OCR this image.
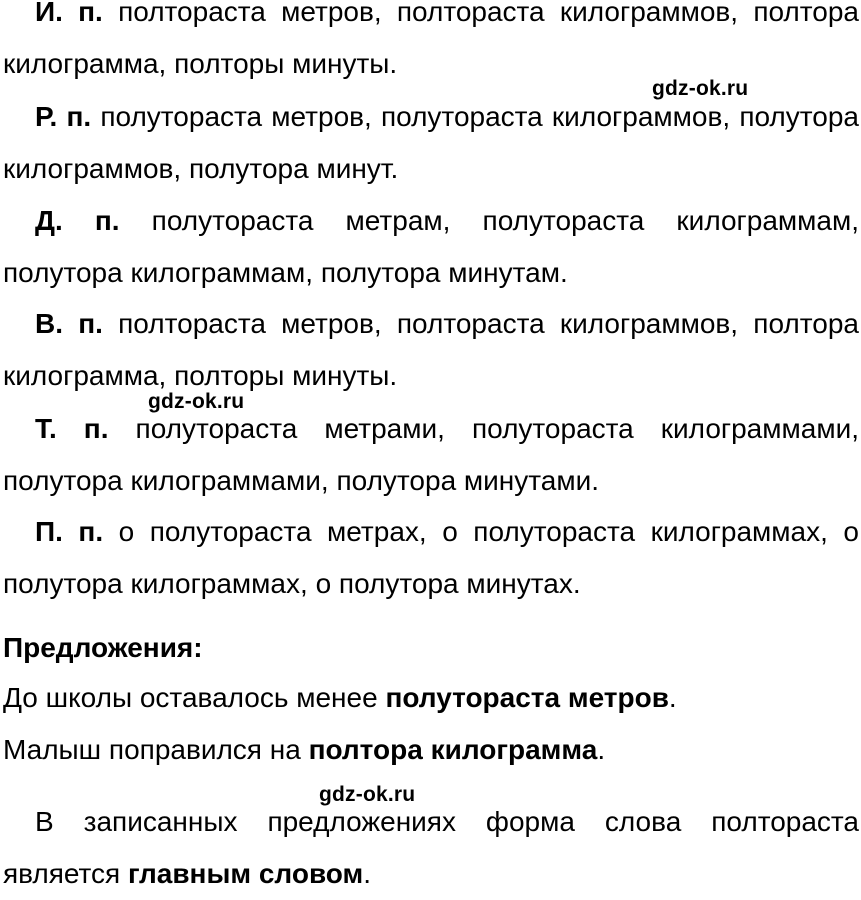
И. п. полтораста метров, полтораста килограммов, полтора килограмма, полторы минуты.
gdz-ok.ru
Р. п. полутораста метров, полутораста килограммов, полутора килограммов, полутора минут.
Д. п. полутораста метрам, полутораста килограммам, полутора килограммам, полутора минутам.
В. п. полтораста метров, полтораста килограммов, полтора килограмма, полторы минуты.
gdz-ok.ru
Т. п. полутораста метрами, полутораста килограммами, полутора килограммами, полутора минутами.
П. п. о полутораста метрах, о полутораста килограммах, о полутора килограммах, о полутора минутах.
Предложения:
До школы оставалось менее полутораста метров.
Малыш поправился на полтора килограмма.
gdz-ok.ru
В записанных предложениях форма слова полтораста является главным словом.
